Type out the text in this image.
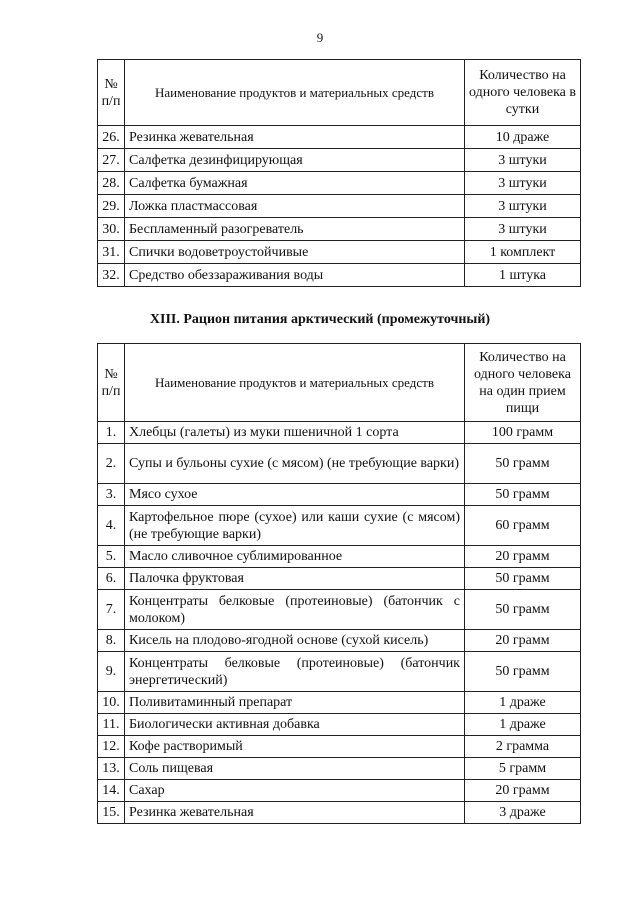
9
№ п/п	Наименование продуктов и материальных средств	Количество на одного человека в сутки
26.	Резинка жевательная	10 драже
27.	Салфетка дезинфицирующая	3 штуки
28.	Салфетка бумажная	3 штуки
29.	Ложка пластмассовая	3 штуки
30.	Беспламенный разогреватель	3 штуки
31.	Спички водоветроустойчивые	1 комплект
32.	Средство обеззараживания воды	1 штука
XIII. Рацион питания арктический (промежуточный)
№ п/п	Наименование продуктов и материальных средств	Количество на одного человека на один прием пищи
1.	Хлебцы (галеты) из муки пшеничной 1 сорта	100 грамм
2.	Супы и бульоны сухие (с мясом) (не требующие варки)	50 грамм
3.	Мясо сухое	50 грамм
4.	Картофельное пюре (сухое) или каши сухие (с мясом) (не требующие варки)	60 грамм
5.	Масло сливочное сублимированное	20 грамм
6.	Палочка фруктовая	50 грамм
7.	Концентраты белковые (протеиновые) (батончик с молоком)	50 грамм
8.	Кисель на плодово-ягодной основе (сухой кисель)	20 грамм
9.	Концентраты белковые (протеиновые) (батончик энергетический)	50 грамм
10.	Поливитаминный препарат	1 драже
11.	Биологически активная добавка	1 драже
12.	Кофе растворимый	2 грамма
13.	Соль пищевая	5 грамм
14.	Сахар	20 грамм
15.	Резинка жевательная	3 драже
